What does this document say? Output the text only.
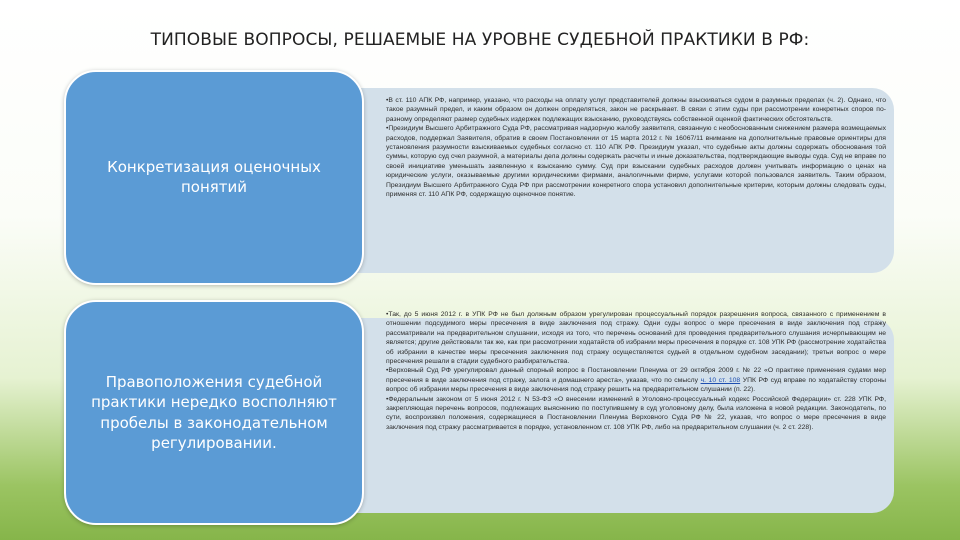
ТИПОВЫЕ ВОПРОСЫ, РЕШАЕМЫЕ НА УРОВНЕ СУДЕБНОЙ ПРАКТИКИ В РФ:
Конкретизация оценочных понятий

•В ст. 110 АПК РФ, например, указано, что расходы на оплату услуг представителей должны взыскиваться судом в разумных пределах (ч. 2). Однако, что такое разумный предел, и каким образом он должен определяться, закон не раскрывает. В связи с этим суды при рассмотрении конкретных споров по-разному определяют размер судебных издержек подлежащих взысканию, руководствуясь собственной оценкой фактических обстоятельств.

•Президиум Высшего Арбитражного Суда РФ, рассматривая надзорную жалобу заявителя, связанную с необоснованным снижением размера возмещаемых расходов, поддержал Заявителя, обратив в своем Постановлении от 15 марта 2012 г. № 16067/11 внимание на дополнительные правовые ориентиры для установления разумности взыскиваемых судебных согласно ст. 110 АПК РФ. Президиум указал, что судебные акты должны содержать обоснования той суммы, которую суд счел разумной, а материалы дела должны содержать расчеты и иные доказательства, подтверждающие выводы суда. Суд не вправе по своей инициативе уменьшать заявленную к взысканию сумму. Суд при взыскании судебных расходов должен учитывать информацию о ценах на юридические услуги, оказываемые другими юридическими фирмами, аналогичными фирме, услугами которой пользовался заявитель. Таким образом, Президиум Высшего Арбитражного Суда РФ при рассмотрении конкретного спора установил дополнительные критерии, которым должны следовать суды, применяя ст. 110 АПК РФ, содержащую оценочное понятие.

Правоположения судебной практики нередко восполняют пробелы в законодательном регулировании.

•Так, до 5 июня 2012 г. в УПК РФ не был должным образом урегулирован процессуальный порядок разрешения вопроса, связанного с применением в отношении подсудимого меры пресечения в виде заключения под стражу. Одни суды вопрос о мере пресечения в виде заключения под стражу рассматривали на предварительном слушании, исходя из того, что перечень оснований для проведения предварительного слушания исчерпывающим не является; другие действовали так же, как при рассмотрении ходатайств об избрании меры пресечения в порядке ст. 108 УПК РФ (рассмотрение ходатайства об избрании в качестве меры пресечения заключения под стражу осуществляется судьей в отдельном судебном заседании); третьи вопрос о мере пресечения решали в стадии судебного разбирательства.

•Верховный Суд РФ урегулировал данный спорный вопрос в Постановлении Пленума от 29 октября 2009 г. № 22 «О практике применения судами мер пресечения в виде заключения под стражу, залога и домашнего ареста», указав, что по смыслу ч. 10 ст. 108 УПК РФ суд вправе по ходатайству стороны вопрос об избрании меры пресечения в виде заключения под стражу решить на предварительном слушании (п. 22).

•Федеральным законом от 5 июня 2012 г. N 53-ФЗ «О внесении изменений в Уголовно-процессуальный кодекс Российской Федерации» ст. 228 УПК РФ, закрепляющая перечень вопросов, подлежащих выяснению по поступившему в суд уголовному делу, была изложена в новой редакции. Законодатель, по сути, воспроизвел положения, содержащиеся в Постановлении Пленума Верховного Суда РФ № 22, указав, что вопрос о мере пресечения в виде заключения под стражу рассматривается в порядке, установленном ст. 108 УПК РФ, либо на предварительном слушании (ч. 2 ст. 228).
